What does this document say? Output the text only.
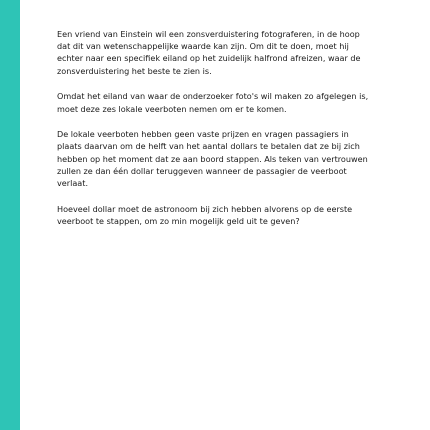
Een vriend van Einstein wil een zonsverduistering fotograferen, in de hoop dat dit van wetenschappelijke waarde kan zijn. Om dit te doen, moet hij echter naar een specifiek eiland op het zuidelijk halfrond afreizen, waar de zonsverduistering het beste te zien is.

Omdat het eiland van waar de onderzoeker foto's wil maken zo afgelegen is, moet deze zes lokale veerboten nemen om er te komen.

De lokale veerboten hebben geen vaste prijzen en vragen passagiers in plaats daarvan om de helft van het aantal dollars te betalen dat ze bij zich hebben op het moment dat ze aan boord stappen. Als teken van vertrouwen zullen ze dan één dollar teruggeven wanneer de passagier de veerboot verlaat.

Hoeveel dollar moet de astronoom bij zich hebben alvorens op de eerste veerboot te stappen, om zo min mogelijk geld uit te geven?
